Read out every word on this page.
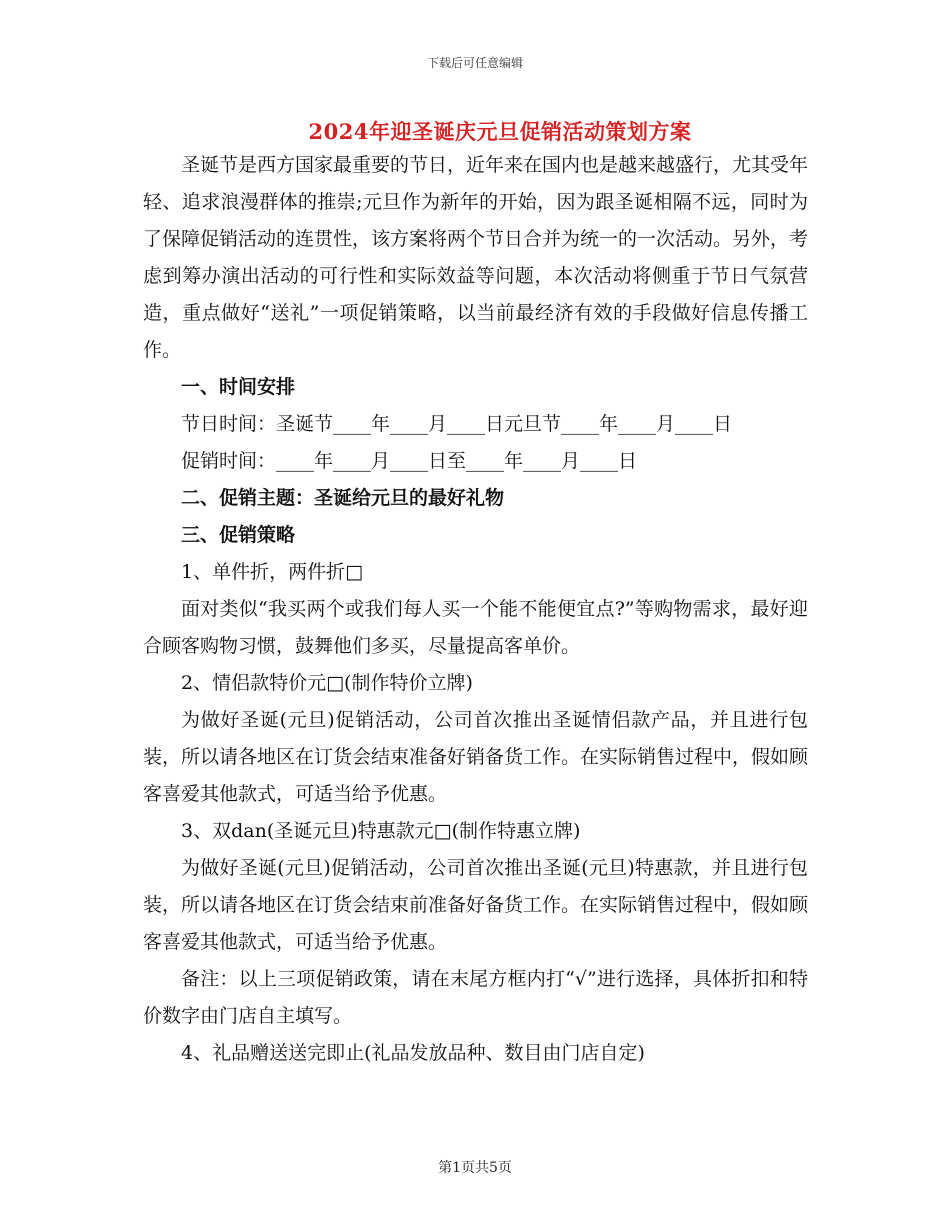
下载后可任意编辑
2024年迎圣诞庆元旦促销活动策划方案

圣诞节是西方国家最重要的节日，近年来在国内也是越来越盛行，尤其受年轻、追求浪漫群体的推崇;元旦作为新年的开始，因为跟圣诞相隔不远，同时为了保障促销活动的连贯性，该方案将两个节日合并为统一的一次活动。另外，考虑到筹办演出活动的可行性和实际效益等问题，本次活动将侧重于节日气氛营造，重点做好“送礼”一项促销策略，以当前最经济有效的手段做好信息传播工作。

一、时间安排

节日时间：圣诞节____年____月____日元旦节____年____月____日

促销时间：____年____月____日至____年____月____日

二、促销主题：圣诞给元旦的最好礼物

三、促销策略

1、单件折，两件折□

面对类似“我买两个或我们每人买一个能不能便宜点?”等购物需求，最好迎合顾客购物习惯，鼓舞他们多买，尽量提高客单价。

2、情侣款特价元□(制作特价立牌)

为做好圣诞(元旦)促销活动，公司首次推出圣诞情侣款产品，并且进行包装，所以请各地区在订货会结束准备好销备货工作。在实际销售过程中，假如顾客喜爱其他款式，可适当给予优惠。

3、双dan(圣诞元旦)特惠款元□(制作特惠立牌)

为做好圣诞(元旦)促销活动，公司首次推出圣诞(元旦)特惠款，并且进行包装，所以请各地区在订货会结束前准备好备货工作。在实际销售过程中，假如顾客喜爱其他款式，可适当给予优惠。

备注：以上三项促销政策，请在末尾方框内打“√”进行选择，具体折扣和特价数字由门店自主填写。

4、礼品赠送送完即止(礼品发放品种、数目由门店自定)

第1页共5页
